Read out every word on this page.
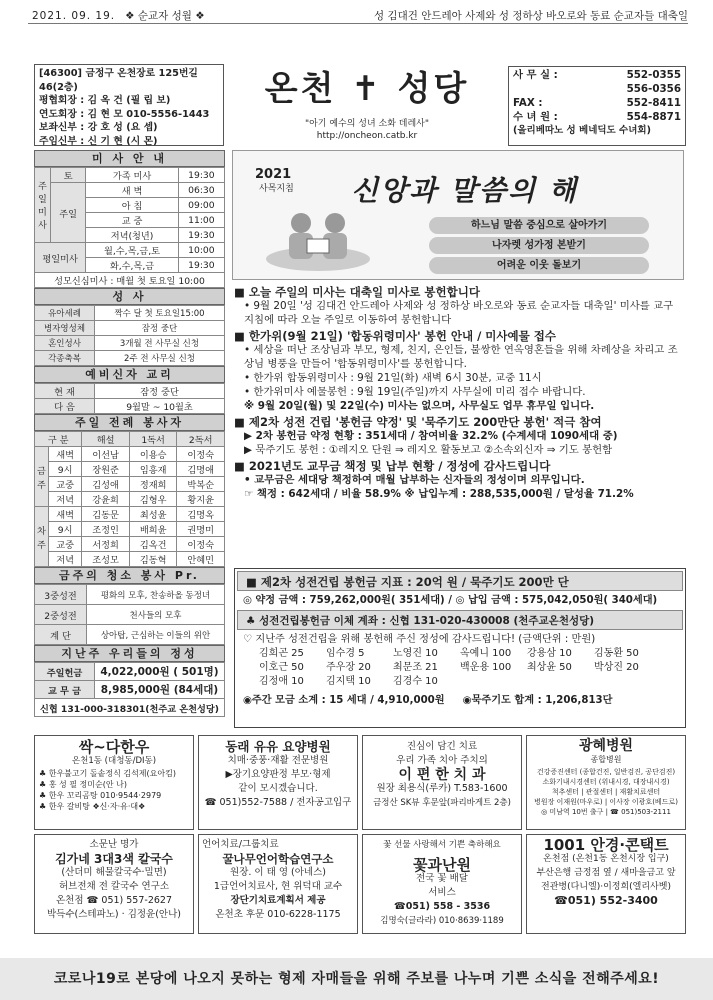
2021. 09. 19. ❖ 순교자 성월 ❖	성 김대건 안드레아 사제와 성 정하상 바오로와 동료 순교자들 대축일
[46300] 금정구 온천장로 125번길 46(2층)
평협회장 : 김 옥 건 (필 립 보)
연도회장 : 김 현 모 010-5556-1443
보좌신부 : 강 호 성 (요 셉)
주임신부 : 신 기 현 (시 몬)
온천 ✝ 성당
"아기 예수의 성녀 소화 데레사"
http://oncheon.catb.kr
사 무 실 :	552-0355
556-0356
FAX :	552-8411
수 녀 원 :	554-8871
(올리베따노 성 베네딕도 수녀회)
미 사 안 내
주일미사	토	가족 미사	19:30
	주일	새 벽	06:30
		아 침	09:00
		교 중	11:00
		저녁(청년)	19:30
평일미사		월,수,목,금,토	10:00
		화,수,목,금	19:30
성모신심미사 : 매월 첫 토요일 10:00			
성 사
유아세례	짝수 달 첫 토요일15:00
병자영성체	잠정 중단
혼인성사	3개월 전 사무실 신청
각종축복	2주 전 사무실 신청
예비신자 교리
현 재	잠정 중단
다 음	9월말 ~ 10월초
주일 전례 봉사자
구 분		해설	1독서	2독서
금주	새벽	이선남	이용승	이정숙
	9시	장원준	임흥재	김명애
	교중	김성애	정재희	박복순
	저녁	강윤희	김형우	황지윤
차주	새벽	김동문	최성윤	김명옥
	9시	조정인	배희윤	권명미
	교중	서정희	김옥건	이정숙
	저녁	조성모	김동혁	안혜민
금주의 청소 봉사 Pr.
3중성전	평화의 모후, 찬송하올 동정녀
2중성전	천사들의 모후
계 단	상아탑, 근심하는 이들의 위안
지난주 우리들의 정성
주일헌금	4,022,000원 ( 501명)
교 무 금	8,985,000원 (84세대)
신협 131-000-318301(천주교 온천성당)	
2021
사목지침 신앙과 말씀의 해
하느님 말씀 중심으로 살아가기
나자렛 성가정 본받기
어려운 이웃 돌보기
■ 오늘 주일의 미사는 대축일 미사로 봉헌합니다
• 9월 20일 '성 김대건 안드레아 사제와 성 정하상 바오로와 동료 순교자들 대축일' 미사를 교구 지침에 따라 오늘 주일로 이동하여 봉헌합니다
■ 한가위(9월 21일) '합동위령미사' 봉헌 안내 / 미사예물 접수
• 세상을 떠난 조상님과 부모, 형제, 친지, 은인들, 불쌍한 연옥영혼들을 위해 차례상을 차리고 조상님 병풍을 만들어 '합동위령미사'를 봉헌합니다.
• 한가위 합동위령미사 : 9월 21일(화) 새벽 6시 30분, 교중 11시
• 한가위미사 예물봉헌 : 9월 19일(주일)까지 사무실에 미리 접수 바랍니다.
※ 9월 20일(월) 및 22일(수) 미사는 없으며, 사무실도 업무 휴무일 입니다.
■ 제2차 성전 건립 '봉헌금 약정' 및 '묵주기도 200만단 봉헌' 적극 참여
▶ 2차 봉헌금 약정 현황 : 351세대 / 참여비율 32.2% (수계세대 1090세대 중)
▶ 묵주기도 봉헌 : ①레지오 단원 ⇒ 레지오 활동보고 ②소속외신자 ⇒ 기도 봉헌함
■ 2021년도 교무금 책정 및 납부 현황 / 정성에 감사드립니다
• 교무금은 세대당 책정하여 매월 납부하는 신자들의 정성이며 의무입니다.
☞ 책정 : 642세대 / 비율 58.9% ※ 납입누계 : 288,535,000원 / 달성율 71.2%
■ 제2차 성전건립 봉헌금 지표 : 20억 원 / 묵주기도 200만 단
◎ 약정 금액 : 759,262,000원( 351세대) / ◎ 납입 금액 : 575,042,050원( 340세대)
♣ 성전건립봉헌금 이체 계좌 : 신협 131-020-430008 (천주교온천성당)
♡ 지난주 성전건립을 위해 봉헌해 주신 정성에 감사드립니다! (금액단위 : 만원)
김희곤 25	임수경 5	노영진 10	옥예니 100	강용삼 10	김동환 50
이호근 50	주우장 20	최문조 21	백운용 100	최상윤 50	박상진 20
김정애 10	김지택 10	김경수 10
◉주간 모금 소계 : 15 세대 / 4,910,000원 ◉묵주기도 합계 : 1,206,813단
싹~다한우
온천1동 (대청동/DI동)
♣ 한우불고기 돌솥정식 김석제(요아킴)
♣ 홍 성 필 정미순(안 나)
♣ 한우 꼬리곰탕 010·9544·2979
♣ 한우 갈비탕 ❖신·자·유·대❖
동래 유유 요양병원
치매·중풍·재활 전문병원
▶장기요양판정 부모·형제
같이 모시겠습니다.
☎ 051)552-7588 / 전자공고입구
진심이 담긴 치료
우리 가족 치아 주치의
이 편 한 치 과
원장 최용식(루카) T.583-1600
금정산 SK뷰 후문앞(파리바게트 2층)
광혜병원
종합병원
건강증진센터 (종합건진, 일반검진, 공단검진)
소화기내시경센터 (위내시경, 대장내시경)
척추센터 | 관절센터 | 재활치료센터
병원장 이재원(마우로) | 이사장 이광호(베드로)
◎ 미남역 10번 출구 | ☎ 051)503-2111
소문난 명가
김가네 3대3색 칼국수
(산더미 해물칼국수·밀면)
허브전채 전 칼국수 연구소
온천점 ☎ 051) 557-2627
박득수(스테파노) · 김정윤(안나)
언어치료/그룹치료
꿀나무언어학습연구소
원장. 이 태 영 (아네스)
1급언어치료사, 현 위덕대 교수
장단기치료계획서 제공
온천초 후문 010-6228-1175
꽃 선물 사랑해서 기쁜 축하해요
꽃과난원
전국 꽃 배달
서비스
☎051) 558 - 3536
김명숙(글라라) 010·8639·1189
1001 안경·콘택트
온천점 (온천1동 온천시장 입구)
부산은행 금정점 옆 / 새마을금고 앞
전관병(다니엘)·이정희(엘리사벳)
☎051) 552-3400
코로나19로 본당에 나오지 못하는 형제 자매들을 위해 주보를 나누며 기쁜 소식을 전해주세요!
